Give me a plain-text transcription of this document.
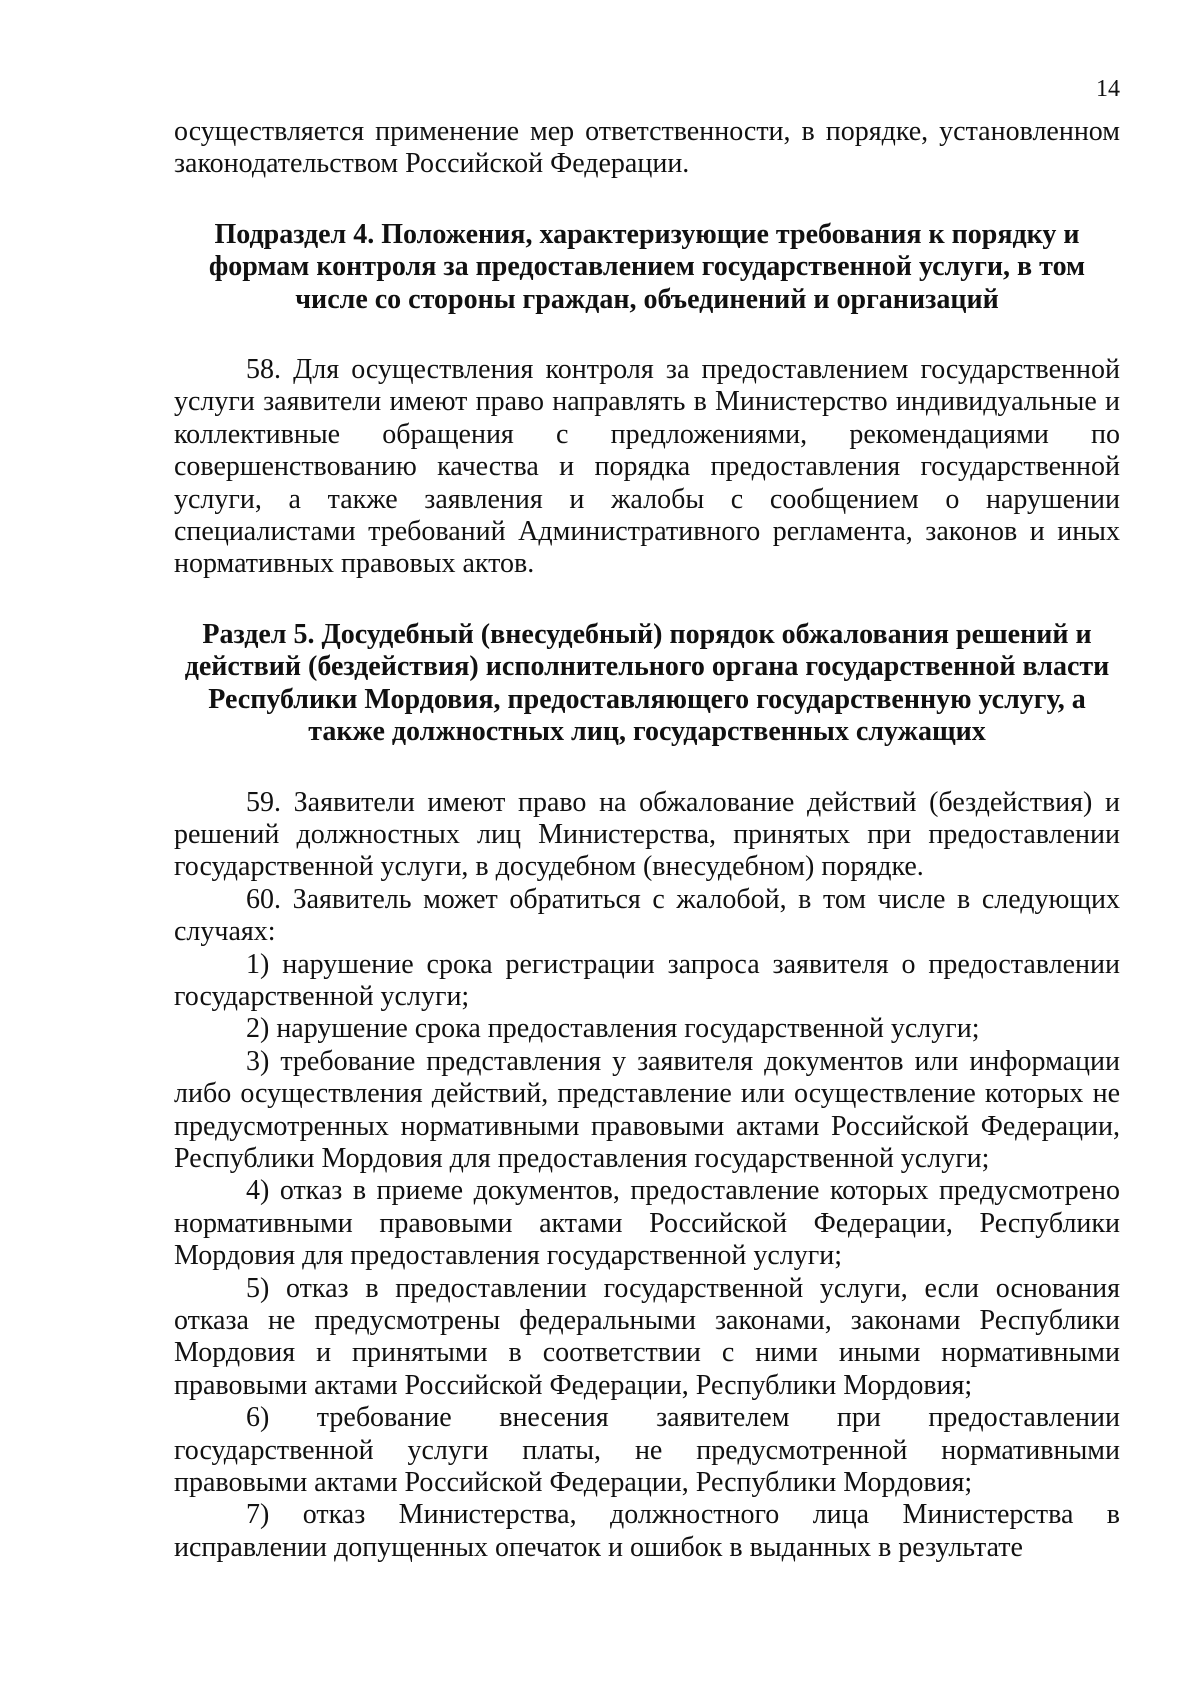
14

осуществляется применение мер ответственности, в порядке, установленном законодательством Российской Федерации.

Подраздел 4. Положения, характеризующие требования к порядку и формам контроля за предоставлением государственной услуги, в том числе со стороны граждан, объединений и организаций

58. Для осуществления контроля за предоставлением государственной услуги заявители имеют право направлять в Министерство индивидуальные и коллективные обращения с предложениями, рекомендациями по совершенствованию качества и порядка предоставления государственной услуги, а также заявления и жалобы с сообщением о нарушении специалистами требований Административного регламента, законов и иных нормативных правовых актов.

Раздел 5. Досудебный (внесудебный) порядок обжалования решений и действий (бездействия) исполнительного органа государственной власти Республики Мордовия, предоставляющего государственную услугу, а также должностных лиц, государственных служащих

59. Заявители имеют право на обжалование действий (бездействия) и решений должностных лиц Министерства, принятых при предоставлении государственной услуги, в досудебном (внесудебном) порядке.

60. Заявитель может обратиться с жалобой, в том числе в следующих случаях:

1) нарушение срока регистрации запроса заявителя о предоставлении государственной услуги;

2) нарушение срока предоставления государственной услуги;

3) требование представления у заявителя документов или информации либо осуществления действий, представление или осуществление которых не предусмотренных нормативными правовыми актами Российской Федерации, Республики Мордовия для предоставления государственной услуги;

4) отказ в приеме документов, предоставление которых предусмотрено нормативными правовыми актами Российской Федерации, Республики Мордовия для предоставления государственной услуги;

5) отказ в предоставлении государственной услуги, если основания отказа не предусмотрены федеральными законами, законами Республики Мордовия и принятыми в соответствии с ними иными нормативными правовыми актами Российской Федерации, Республики Мордовия;

6) требование внесения заявителем при предоставлении государственной услуги платы, не предусмотренной нормативными правовыми актами Российской Федерации, Республики Мордовия;

7) отказ Министерства, должностного лица Министерства в исправлении допущенных опечаток и ошибок в выданных в результате
